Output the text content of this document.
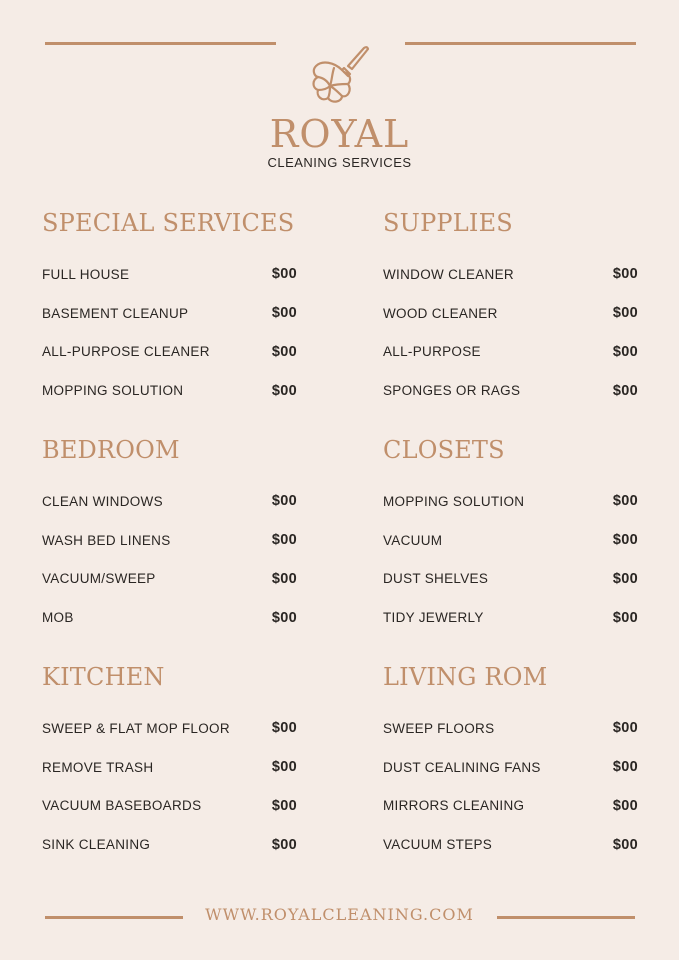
ROYAL
CLEANING SERVICES
SPECIAL SERVICES
FULL HOUSE	$00
BASEMENT CLEANUP	$00
ALL-PURPOSE CLEANER	$00
MOPPING SOLUTION	$00
SUPPLIES
WINDOW CLEANER	$00
WOOD CLEANER	$00
ALL-PURPOSE	$00
SPONGES OR RAGS	$00
BEDROOM
CLEAN WINDOWS	$00
WASH BED LINENS	$00
VACUUM/SWEEP	$00
MOB	$00
CLOSETS
MOPPING SOLUTION	$00
VACUUM	$00
DUST SHELVES	$00
TIDY JEWERLY	$00
KITCHEN
SWEEP & FLAT MOP FLOOR	$00
REMOVE TRASH	$00
VACUUM BASEBOARDS	$00
SINK CLEANING	$00
LIVING ROM
SWEEP FLOORS	$00
DUST CEALINING FANS	$00
MIRRORS CLEANING	$00
VACUUM STEPS	$00
WWW.ROYALCLEANING.COM
